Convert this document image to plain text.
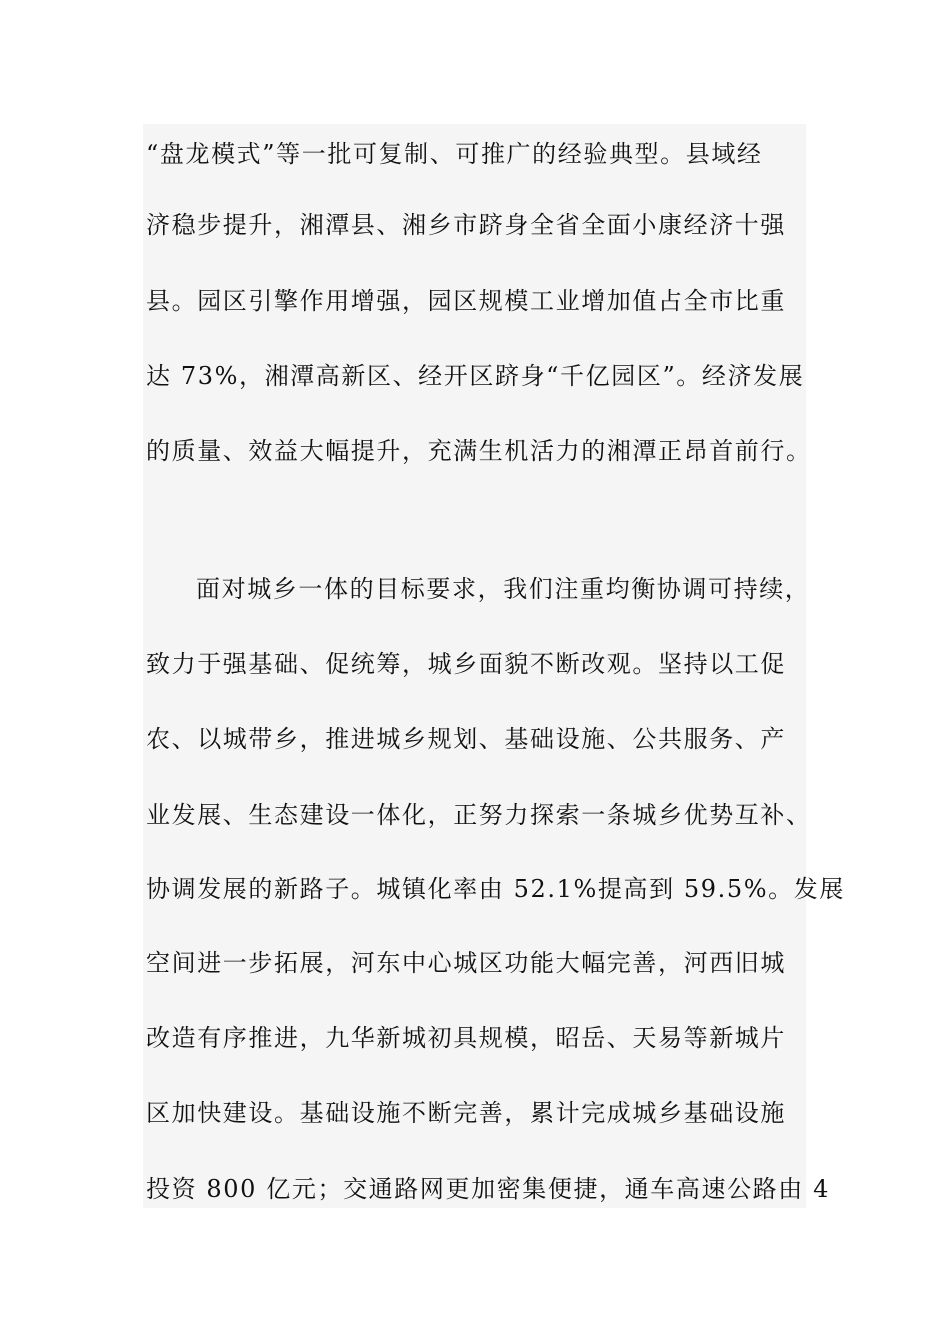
“盘龙模式”等一批可复制、可推广的经验典型。县域经
济稳步提升，湘潭县、湘乡市跻身全省全面小康经济十强
县。园区引擎作用增强，园区规模工业增加值占全市比重
达 73%，湘潭高新区、经开区跻身“千亿园区”。经济发展
的质量、效益大幅提升，充满生机活力的湘潭正昂首前行。
面对城乡一体的目标要求，我们注重均衡协调可持续，
致力于强基础、促统筹，城乡面貌不断改观。坚持以工促
农、以城带乡，推进城乡规划、基础设施、公共服务、产
业发展、生态建设一体化，正努力探索一条城乡优势互补、
协调发展的新路子。城镇化率由 52.1%提高到 59.5%。发展
空间进一步拓展，河东中心城区功能大幅完善，河西旧城
改造有序推进，九华新城初具规模，昭岳、天易等新城片
区加快建设。基础设施不断完善，累计完成城乡基础设施
投资 800 亿元；交通路网更加密集便捷，通车高速公路由 4
